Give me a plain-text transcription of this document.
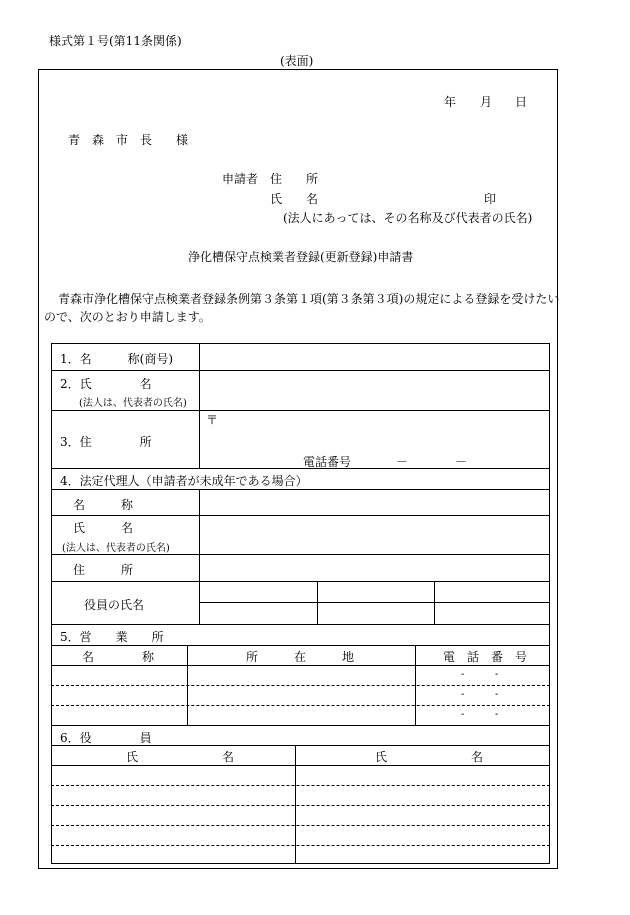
様式第１号(第11条関係)
(表面)
年 月 日
青　森　市　長　　様
申請者 住　　所
氏　　名	印
(法人にあっては、その名称及び代表者の氏名)
浄化槽保守点検業者登録(更新登録)申請書
青森市浄化槽保守点検業者登録条例第３条第１項(第３条第３項)の規定による登録を受けたい
ので、次のとおり申請します。
1．名　　　称(商号)
2．氏　　　　名
(法人は、代表者の氏名)
3．住　　　　所
〒
電話番号	－	－
4．法定代理人（申請者が未成年である場合）
名　　　称
氏　　　名
(法人は、代表者の氏名)
住　　　所
役員の氏名
5．営　　業　　所
名　　　　称	所　　　在　　　地	電　話　番　号
-	-
-	-
-	-
6．役　　　　員
氏　　　　　　　名	氏　　　　　　　名
